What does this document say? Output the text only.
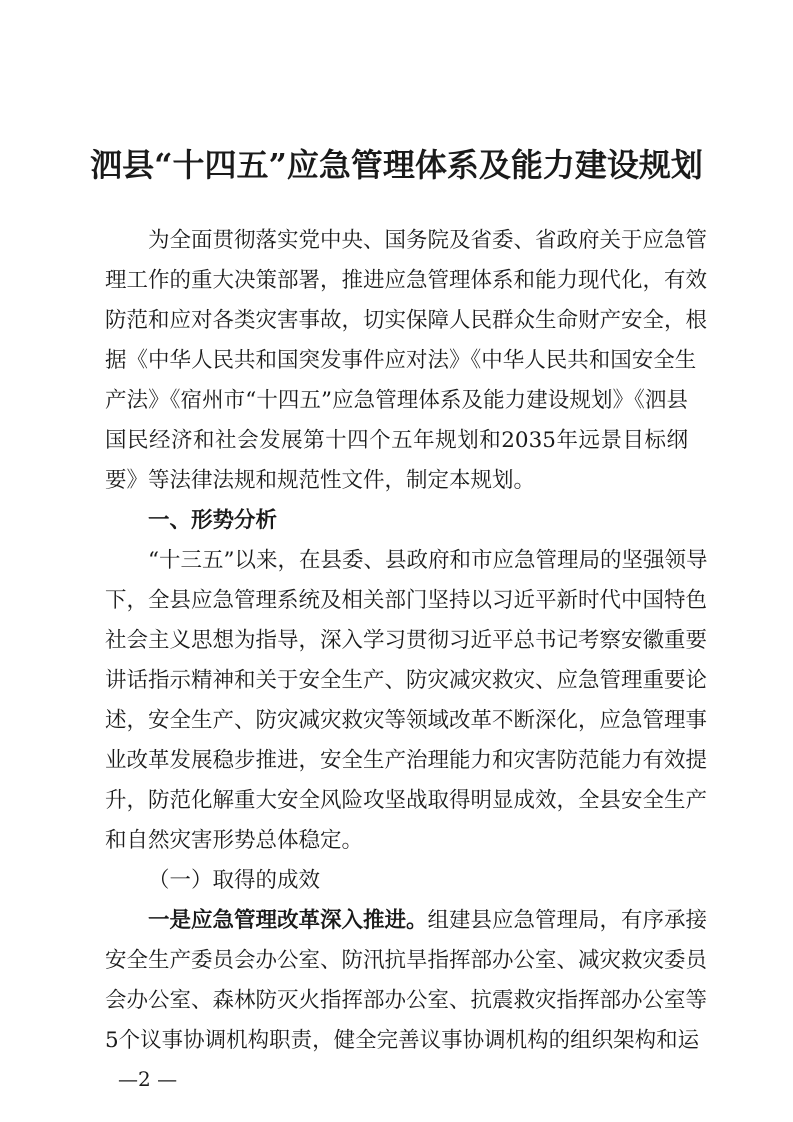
泗县“十四五”应急管理体系及能力建设规划
为全面贯彻落实党中央、国务院及省委、省政府关于应急管
理工作的重大决策部署，推进应急管理体系和能力现代化，有效
防范和应对各类灾害事故，切实保障人民群众生命财产安全，根
据《中华人民共和国突发事件应对法》《中华人民共和国安全生
产法》《宿州市“十四五”应急管理体系及能力建设规划》《泗县
国民经济和社会发展第十四个五年规划和2035年远景目标纲
要》等法律法规和规范性文件，制定本规划。
一、形势分析
“十三五”以来，在县委、县政府和市应急管理局的坚强领导
下，全县应急管理系统及相关部门坚持以习近平新时代中国特色
社会主义思想为指导，深入学习贯彻习近平总书记考察安徽重要
讲话指示精神和关于安全生产、防灾减灾救灾、应急管理重要论
述，安全生产、防灾减灾救灾等领域改革不断深化，应急管理事
业改革发展稳步推进，安全生产治理能力和灾害防范能力有效提
升，防范化解重大安全风险攻坚战取得明显成效，全县安全生产
和自然灾害形势总体稳定。
（一）取得的成效
一是应急管理改革深入推进。组建县应急管理局，有序承接
安全生产委员会办公室、防汛抗旱指挥部办公室、减灾救灾委员
会办公室、森林防灭火指挥部办公室、抗震救灾指挥部办公室等
5个议事协调机构职责，健全完善议事协调机构的组织架构和运
—2 —
